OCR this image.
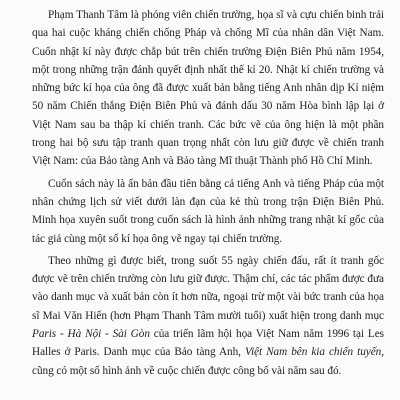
Phạm Thanh Tâm là phóng viên chiến trường, họa sĩ và cựu chiến binh trải qua hai cuộc kháng chiến chống Pháp và chống Mĩ của nhân dân Việt Nam. Cuốn nhật kí này được chắp bút trên chiến trường Điện Biên Phủ năm 1954, một trong những trận đánh quyết định nhất thế kỉ 20. Nhật kí chiến trường và những bức kí họa của ông đã được xuất bản bằng tiếng Anh nhân dịp Kỉ niệm 50 năm Chiến thắng Điện Biên Phủ và đánh dấu 30 năm Hòa bình lập lại ở Việt Nam sau ba thập kỉ chiến tranh. Các bức vẽ của ông hiện là một phần trong hai bộ sưu tập tranh quan trọng nhất còn lưu giữ được về chiến tranh Việt Nam: của Bảo tàng Anh và Bảo tàng Mĩ thuật Thành phố Hồ Chí Minh.

Cuốn sách này là ấn bản đầu tiên bằng cả tiếng Anh và tiếng Pháp của một nhân chứng lịch sử viết dưới làn đạn của kẻ thù trong trận Điện Biên Phủ. Minh họa xuyên suốt trong cuốn sách là hình ảnh những trang nhật kí gốc của tác giả cùng một số kí họa ông vẽ ngay tại chiến trường.

Theo những gì được biết, trong suốt 55 ngày chiến đấu, rất ít tranh gốc được vẽ trên chiến trường còn lưu giữ được. Thậm chí, các tác phẩm được đưa vào danh mục và xuất bản còn ít hơn nữa, ngoại trừ một vài bức tranh của họa sĩ Mai Văn Hiến (hơn Phạm Thanh Tâm mười tuổi) xuất hiện trong danh mục Paris - Hà Nội - Sài Gòn của triển lãm hội họa Việt Nam năm 1996 tại Les Halles ở Paris. Danh mục của Bảo tàng Anh, Việt Nam bên kia chiến tuyến, cũng có một số hình ảnh về cuộc chiến được công bố vài năm sau đó.
